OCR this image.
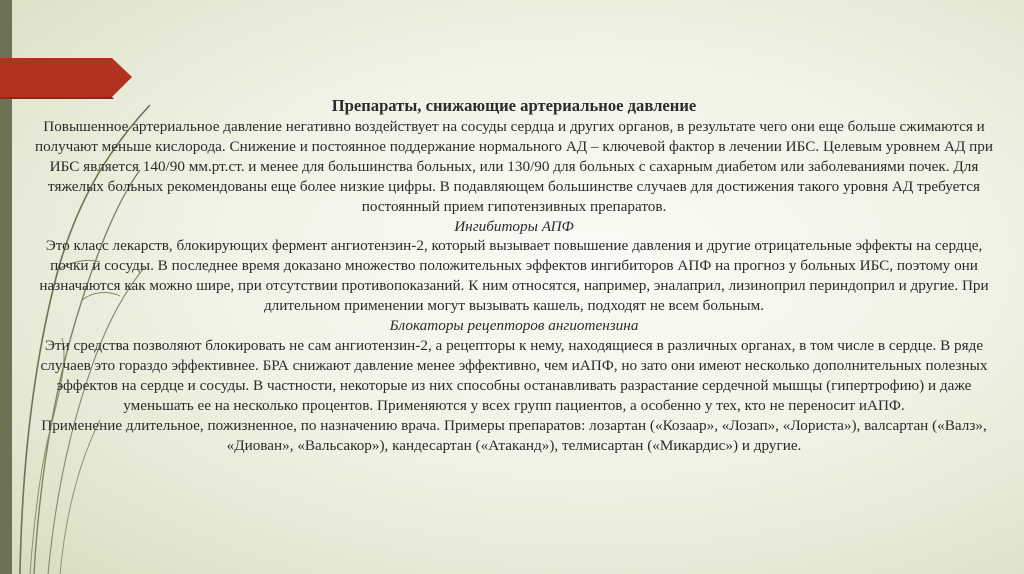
Препараты, снижающие артериальное давление

Повышенное артериальное давление негативно воздействует на сосуды сердца и других органов, в результате чего они еще больше сжимаются и получают меньше кислорода. Снижение и постоянное поддержание нормального АД – ключевой фактор в лечении ИБС. Целевым уровнем АД при ИБС является 140/90 мм.рт.ст. и менее для большинства больных, или 130/90 для больных с сахарным диабетом или заболеваниями почек. Для тяжелых больных рекомендованы еще более низкие цифры. В подавляющем большинстве случаев для достижения такого уровня АД требуется постоянный прием гипотензивных препаратов.

Ингибиторы АПФ

Это класс лекарств, блокирующих фермент ангиотензин-2, который вызывает повышение давления и другие отрицательные эффекты на сердце, почки и сосуды. В последнее время доказано множество положительных эффектов ингибиторов АПФ на прогноз у больных ИБС, поэтому они назначаются как можно шире, при отсутствии противопоказаний. К ним относятся, например, эналаприл, лизиноприл периндоприл и другие. При длительном применении могут вызывать кашель, подходят не всем больным.

Блокаторы рецепторов ангиотензина

Эти средства позволяют блокировать не сам ангиотензин-2, а рецепторы к нему, находящиеся в различных органах, в том числе в сердце. В ряде случаев это гораздо эффективнее. БРА снижают давление менее эффективно, чем иАПФ, но зато они имеют несколько дополнительных полезных эффектов на сердце и сосуды. В частности, некоторые из них способны останавливать разрастание сердечной мышцы (гипертрофию) и даже уменьшать ее на несколько процентов. Применяются у всех групп пациентов, а особенно у тех, кто не переносит иАПФ.

Применение длительное, пожизненное, по назначению врача. Примеры препаратов: лозартан («Козаар», «Лозап», «Лориста»), валсартан («Валз», «Диован», «Вальсакор»), кандесартан («Атаканд»), телмисартан («Микардис») и другие.
